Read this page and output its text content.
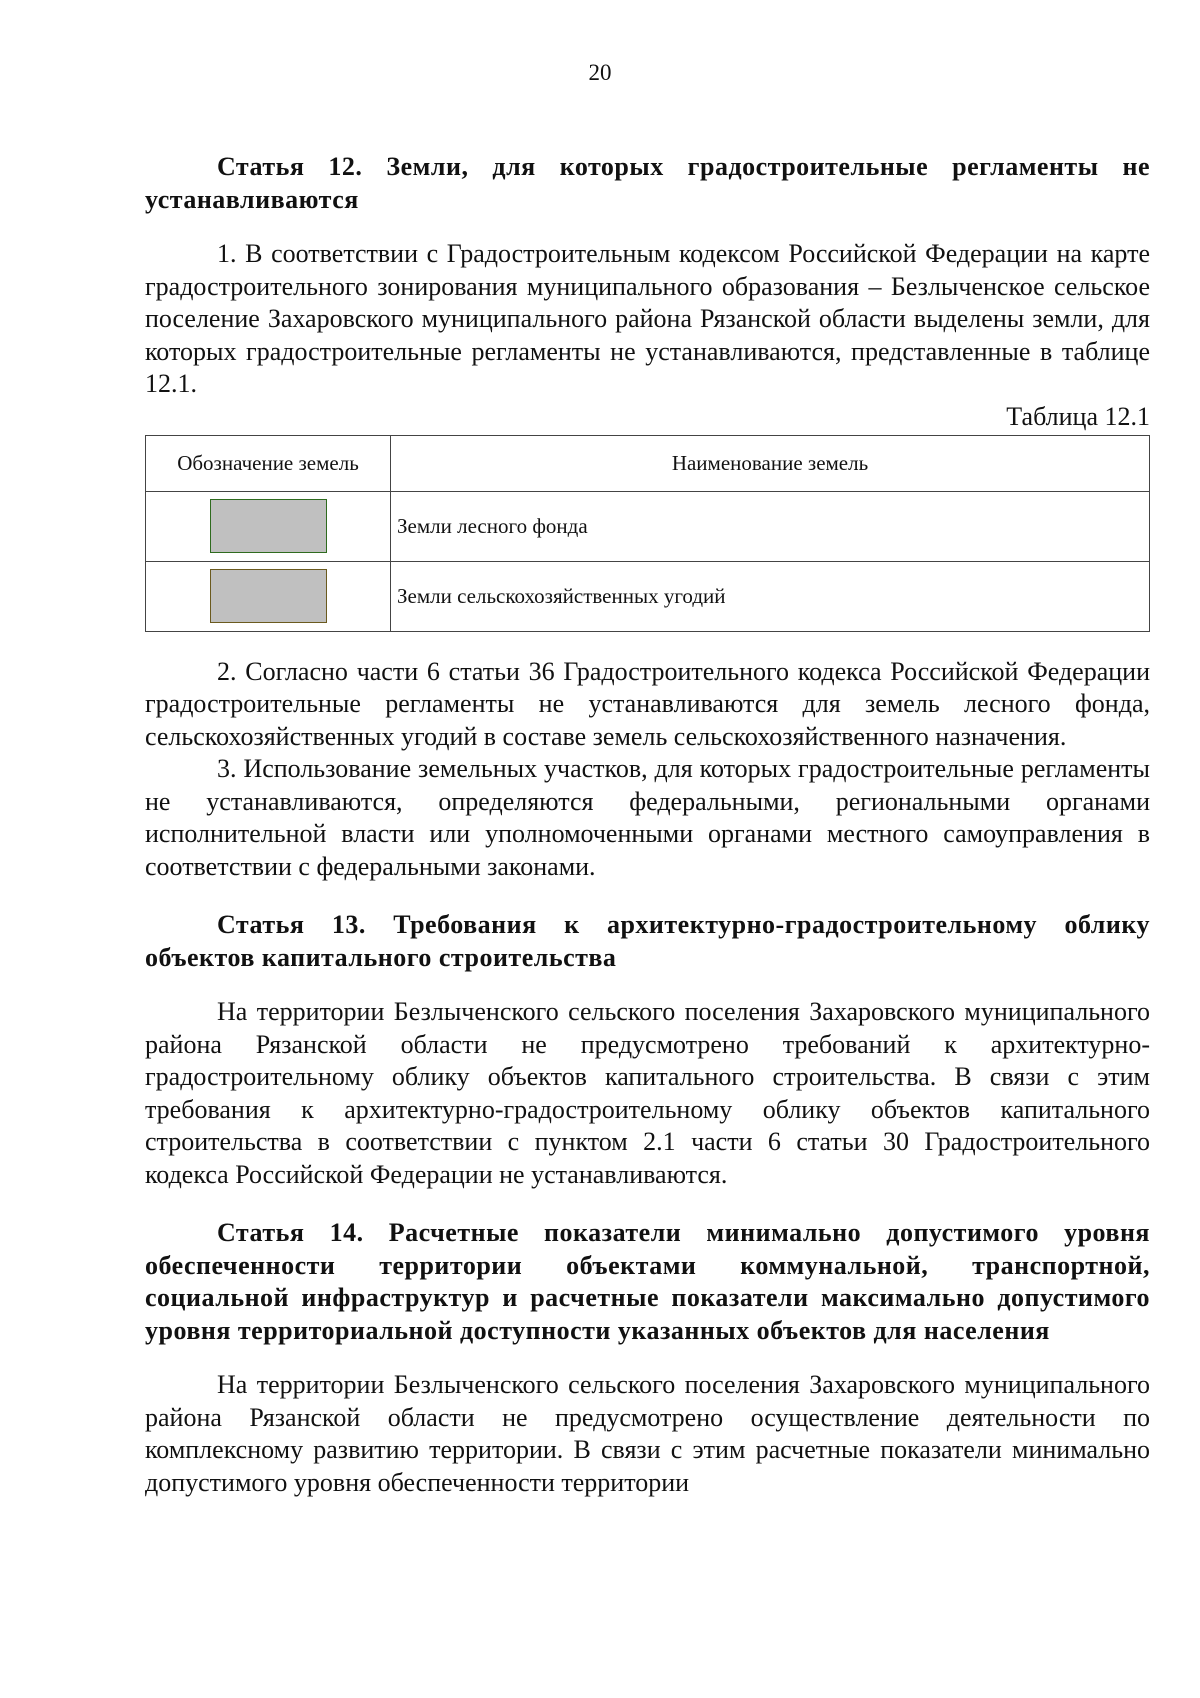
20

Статья 12. Земли, для которых градостроительные регламенты не устанавливаются

1. В соответствии с Градостроительным кодексом Российской Федерации на карте градостроительного зонирования муниципального образования – Безлыченское сельское поселение Захаровского муниципального района Рязанской области выделены земли, для которых градостроительные регламенты не устанавливаются, представленные в таблице 12.1.

Таблица 12.1

Обозначение земель	Наименование земель
	Земли лесного фонда
	Земли сельскохозяйственных угодий

2. Согласно части 6 статьи 36 Градостроительного кодекса Российской Федерации градостроительные регламенты не устанавливаются для земель лесного фонда, сельскохозяйственных угодий в составе земель сельскохозяйственного назначения.

3. Использование земельных участков, для которых градостроительные регламенты не устанавливаются, определяются федеральными, региональными органами исполнительной власти или уполномоченными органами местного самоуправления в соответствии с федеральными законами.

Статья 13. Требования к архитектурно-градостроительному облику объектов капитального строительства

На территории Безлыченского сельского поселения Захаровского муниципального района Рязанской области не предусмотрено требований к архитектурно-градостроительному облику объектов капитального строительства. В связи с этим требования к архитектурно-градостроительному облику объектов капитального строительства в соответствии с пунктом 2.1 части 6 статьи 30 Градостроительного кодекса Российской Федерации не устанавливаются.

Статья 14. Расчетные показатели минимально допустимого уровня обеспеченности территории объектами коммунальной, транспортной, социальной инфраструктур и расчетные показатели максимально допустимого уровня территориальной доступности указанных объектов для населения

На территории Безлыченского сельского поселения Захаровского муниципального района Рязанской области не предусмотрено осуществление деятельности по комплексному развитию территории. В связи с этим расчетные показатели минимально допустимого уровня обеспеченности территории
